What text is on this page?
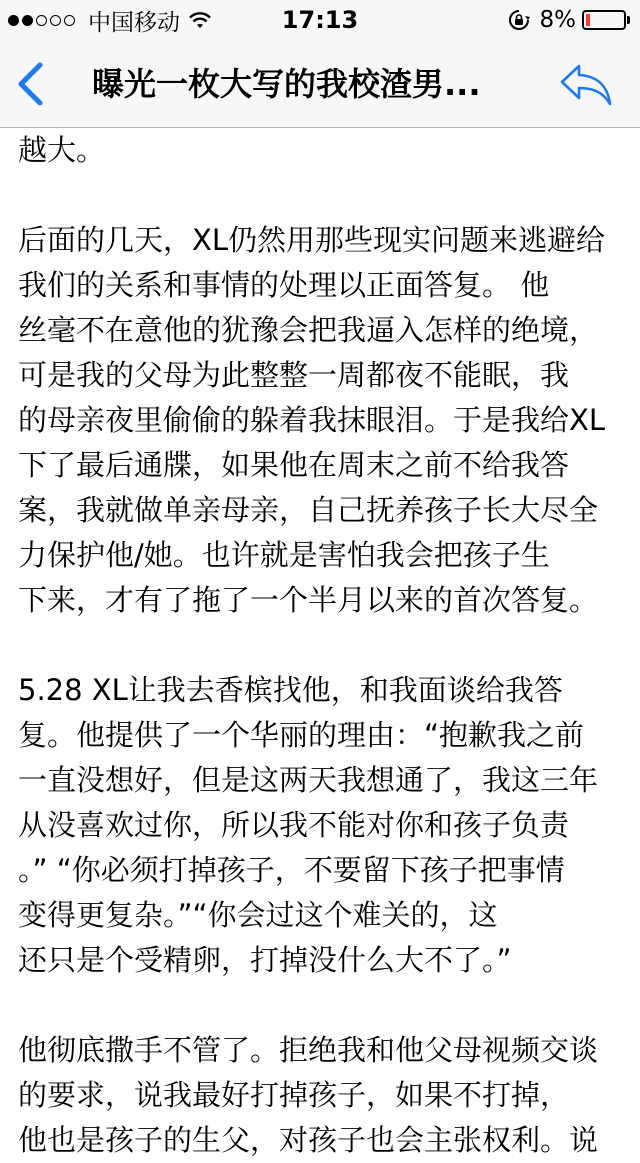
中国移动	17:13	8%
曝光一枚大写的我校渣男...
越大。
后面的几天，XL仍然用那些现实问题来逃避给
我们的关系和事情的处理以正面答复。 他
丝毫不在意他的犹豫会把我逼入怎样的绝境，
可是我的父母为此整整一周都夜不能眠，我
的母亲夜里偷偷的躲着我抹眼泪。于是我给XL
下了最后通牒，如果他在周末之前不给我答
案，我就做单亲母亲，自己抚养孩子长大尽全
力保护他/她。也许就是害怕我会把孩子生
下来，才有了拖了一个半月以来的首次答复。
5.28 XL让我去香槟找他，和我面谈给我答
复。他提供了一个华丽的理由：“抱歉我之前
一直没想好，但是这两天我想通了，我这三年
从没喜欢过你，所以我不能对你和孩子负责
。” “你必须打掉孩子，不要留下孩子把事情
变得更复杂。”“你会过这个难关的，这
还只是个受精卵，打掉没什么大不了。”
他彻底撒手不管了。拒绝我和他父母视频交谈
的要求，说我最好打掉孩子，如果不打掉，
他也是孩子的生父，对孩子也会主张权利。说
